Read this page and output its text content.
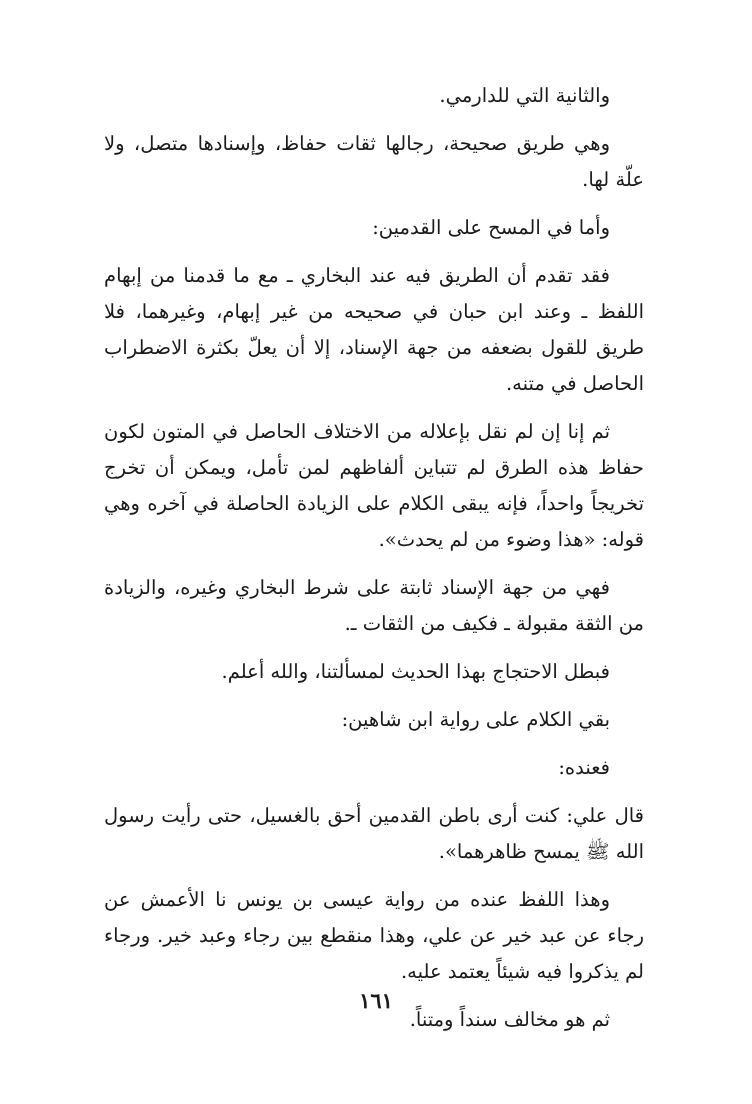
والثانية التي للدارمي.

وهي طريق صحيحة، رجالها ثقات حفاظ، وإسنادها متصل، ولا علّة لها.

وأما في المسح على القدمين:

فقد تقدم أن الطريق فيه عند البخاري ـ مع ما قدمنا من إبهام اللفظ ـ وعند ابن حبان في صحيحه من غير إبهام، وغيرهما، فلا طريق للقول بضعفه من جهة الإسناد، إلا أن يعلّ بكثرة الاضطراب الحاصل في متنه.

ثم إنا إن لم نقل بإعلاله من الاختلاف الحاصل في المتون لكون حفاظ هذه الطرق لم تتباين ألفاظهم لمن تأمل، ويمكن أن تخرج تخريجاً واحداً، فإنه يبقى الكلام على الزيادة الحاصلة في آخره وهي قوله: «هذا وضوء من لم يحدث».

فهي من جهة الإسناد ثابتة على شرط البخاري وغيره، والزيادة من الثقة مقبولة ـ فكيف من الثقات ـ.

فبطل الاحتجاج بهذا الحديث لمسألتنا، والله أعلم.

بقي الكلام على رواية ابن شاهين:

فعنده:

قال علي: كنت أرى باطن القدمين أحق بالغسيل، حتى رأيت رسول الله ﷺ يمسح ظاهرهما».

وهذا اللفظ عنده من رواية عيسى بن يونس نا الأعمش عن رجاء عن عبد خير عن علي، وهذا منقطع بين رجاء وعبد خير. ورجاء لم يذكروا فيه شيئاً يعتمد عليه.

ثم هو مخالف سنداً ومتناً.

١٦١
